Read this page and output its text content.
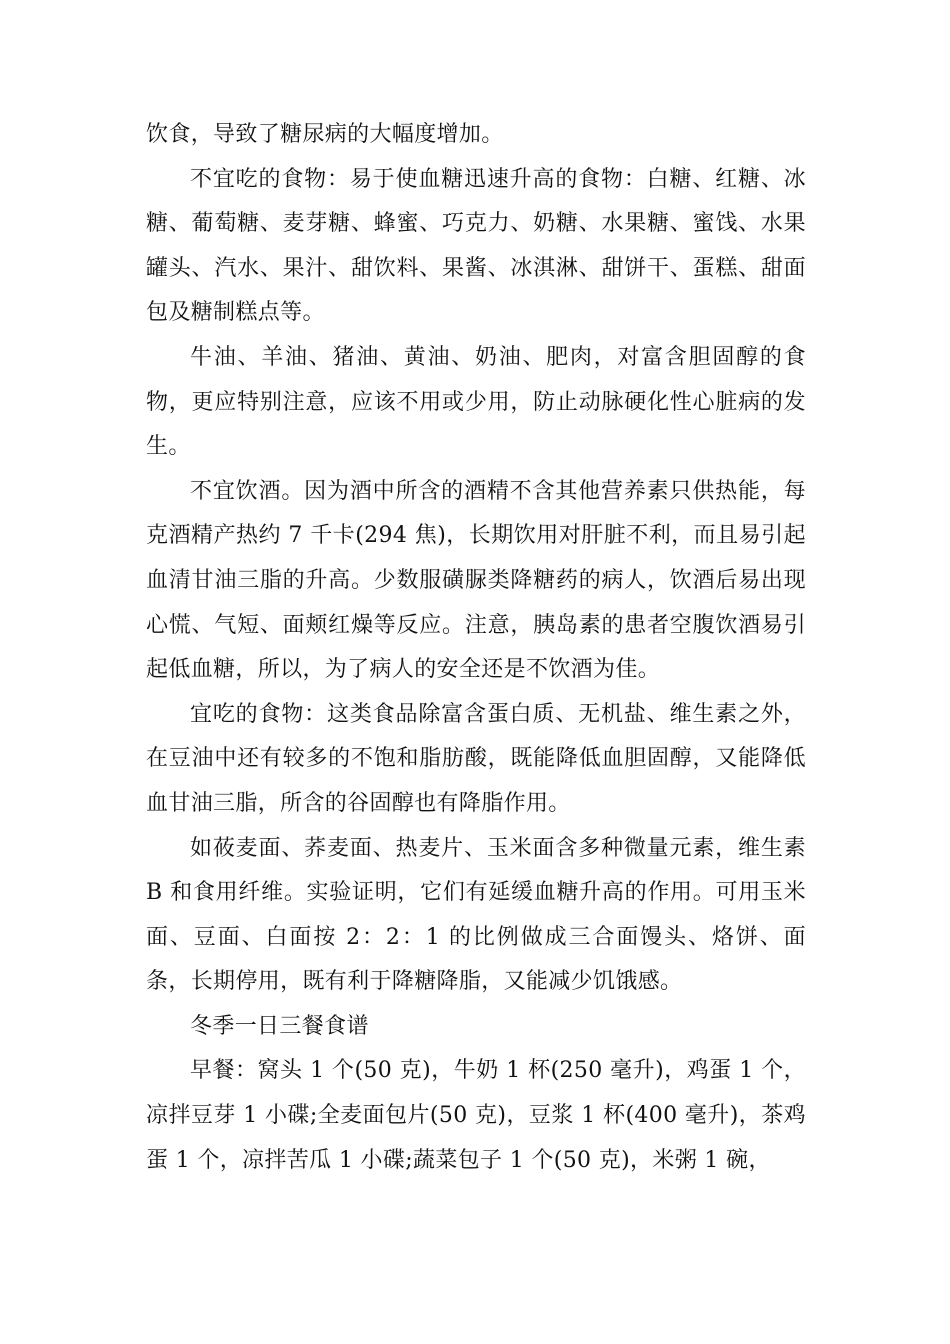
饮食，导致了糖尿病的大幅度增加。

不宜吃的食物：易于使血糖迅速升高的食物：白糖、红糖、冰糖、葡萄糖、麦芽糖、蜂蜜、巧克力、奶糖、水果糖、蜜饯、水果罐头、汽水、果汁、甜饮料、果酱、冰淇淋、甜饼干、蛋糕、甜面包及糖制糕点等。

牛油、羊油、猪油、黄油、奶油、肥肉，对富含胆固醇的食物，更应特别注意，应该不用或少用，防止动脉硬化性心脏病的发生。

不宜饮酒。因为酒中所含的酒精不含其他营养素只供热能，每克酒精产热约 7 千卡(294 焦)，长期饮用对肝脏不利，而且易引起血清甘油三脂的升高。少数服磺脲类降糖药的病人，饮酒后易出现心慌、气短、面颊红燥等反应。注意，胰岛素的患者空腹饮酒易引起低血糖，所以，为了病人的安全还是不饮酒为佳。

宜吃的食物：这类食品除富含蛋白质、无机盐、维生素之外，在豆油中还有较多的不饱和脂肪酸，既能降低血胆固醇，又能降低血甘油三脂，所含的谷固醇也有降脂作用。

如莜麦面、荞麦面、热麦片、玉米面含多种微量元素，维生素 B 和食用纤维。实验证明，它们有延缓血糖升高的作用。可用玉米面、豆面、白面按 2：2：1 的比例做成三合面馒头、烙饼、面条，长期停用，既有利于降糖降脂，又能减少饥饿感。

冬季一日三餐食谱

早餐：窝头 1 个(50 克)，牛奶 1 杯(250 毫升)，鸡蛋 1 个，凉拌豆芽 1 小碟;全麦面包片(50 克)，豆浆 1 杯(400 毫升)，茶鸡蛋 1 个，凉拌苦瓜 1 小碟;蔬菜包子 1 个(50 克)，米粥 1 碗，
